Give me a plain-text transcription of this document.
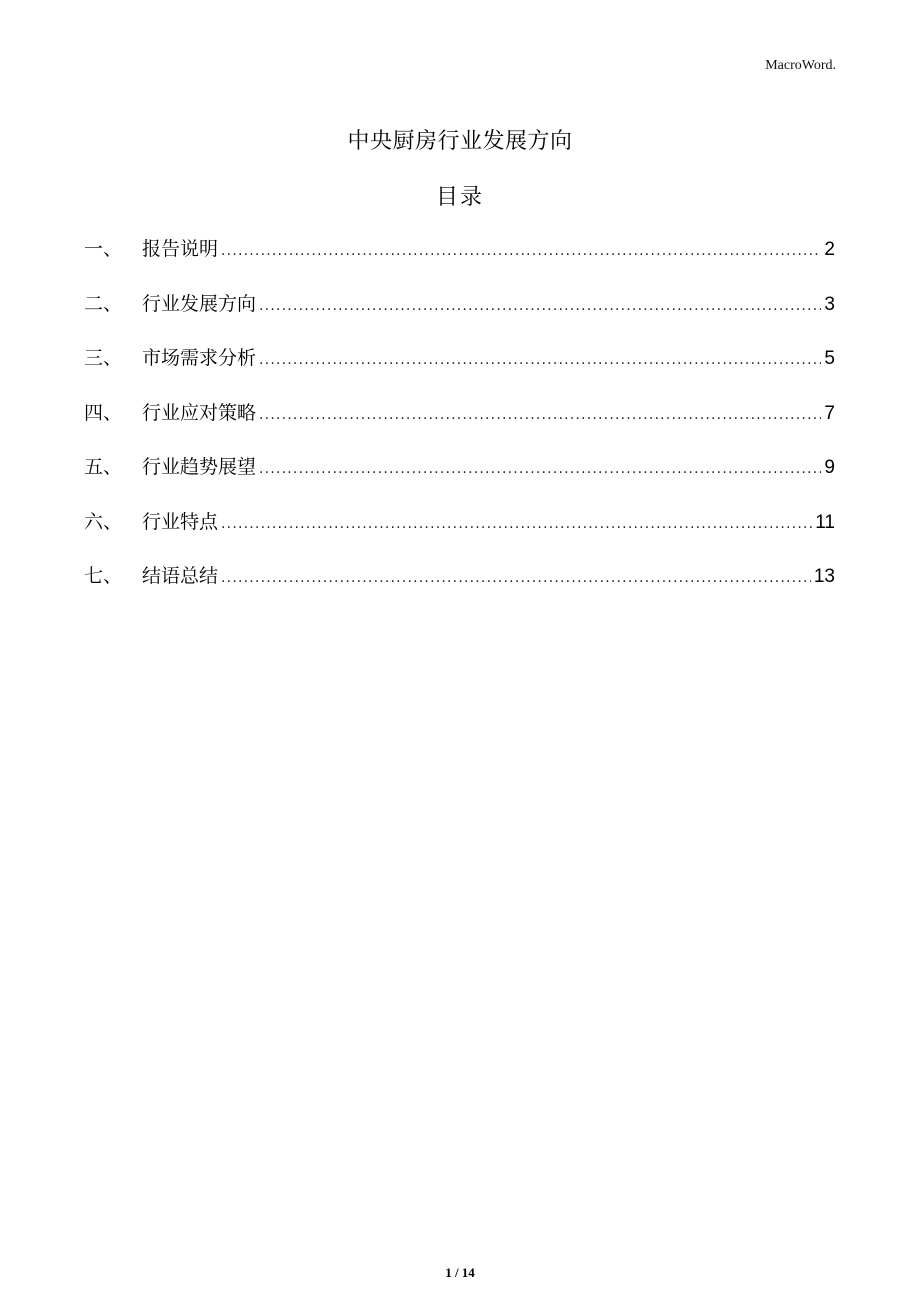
MacroWord.
中央厨房行业发展方向
目录
一、	报告说明 .....	2
二、	行业发展方向 .....	3
三、	市场需求分析 .....	5
四、	行业应对策略 .....	7
五、	行业趋势展望 .....	9
六、	行业特点 .....	11
七、	结语总结 .....	13
1 / 14
